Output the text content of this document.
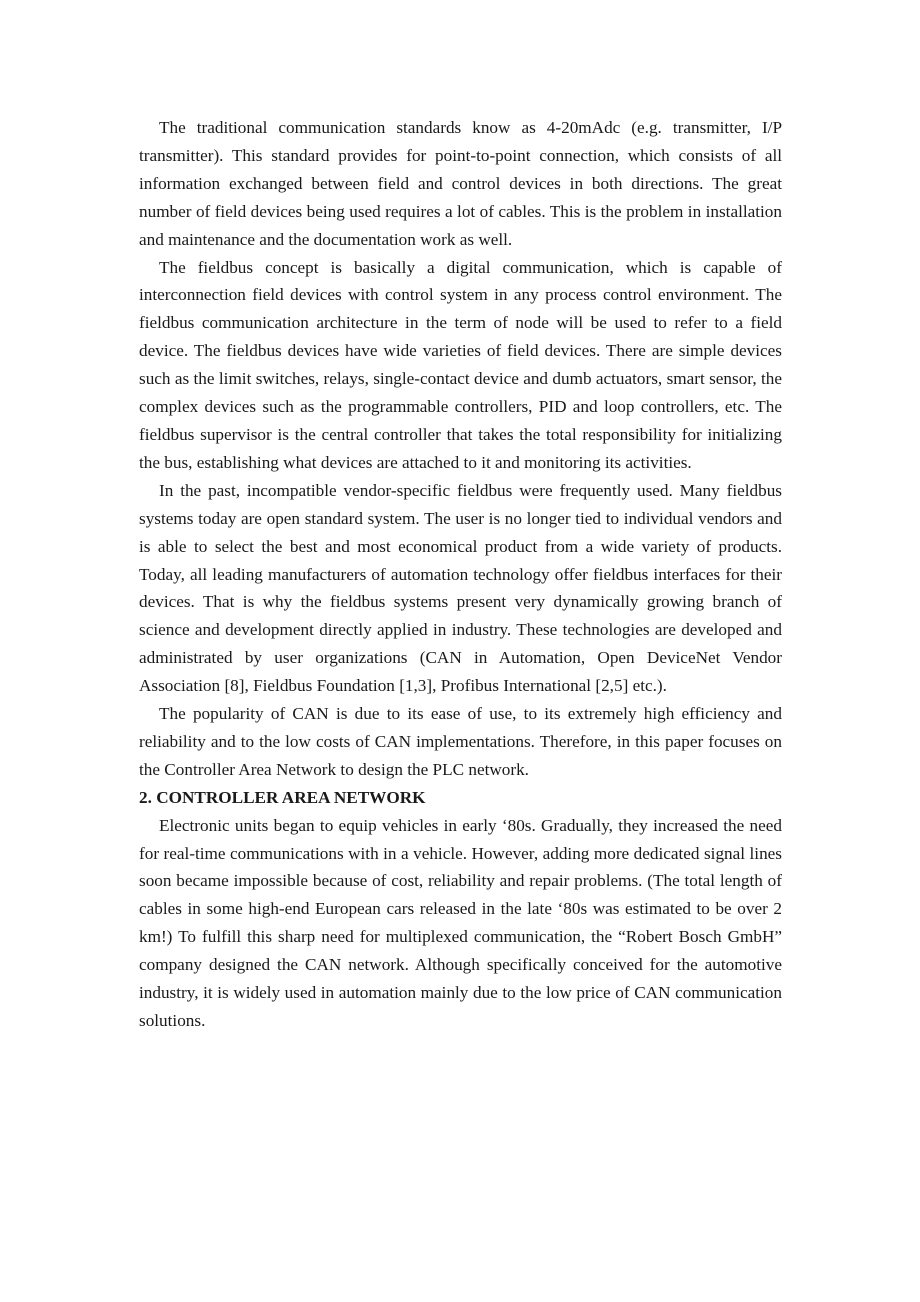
The traditional communication standards know as 4-20mAdc (e.g. transmitter, I/P transmitter). This standard provides for point-to-point connection, which consists of all information exchanged between field and control devices in both directions. The great number of field devices being used requires a lot of cables. This is the problem in installation and maintenance and the documentation work as well.

The fieldbus concept is basically a digital communication, which is capable of interconnection field devices with control system in any process control environment. The fieldbus communication architecture in the term of node will be used to refer to a field device. The fieldbus devices have wide varieties of field devices. There are simple devices such as the limit switches, relays, single-contact device and dumb actuators, smart sensor, the complex devices such as the programmable controllers, PID and loop controllers, etc. The fieldbus supervisor is the central controller that takes the total responsibility for initializing the bus, establishing what devices are attached to it and monitoring its activities.

In the past, incompatible vendor-specific fieldbus were frequently used. Many fieldbus systems today are open standard system. The user is no longer tied to individual vendors and is able to select the best and most economical product from a wide variety of products. Today, all leading manufacturers of automation technology offer fieldbus interfaces for their devices. That is why the fieldbus systems present very dynamically growing branch of science and development directly applied in industry. These technologies are developed and administrated by user organizations (CAN in Automation, Open DeviceNet Vendor Association [8], Fieldbus Foundation [1,3], Profibus International [2,5] etc.).

The popularity of CAN is due to its ease of use, to its extremely high efficiency and reliability and to the low costs of CAN implementations. Therefore, in this paper focuses on the Controller Area Network to design the PLC network.

2. CONTROLLER AREA NETWORK

Electronic units began to equip vehicles in early ‘80s. Gradually, they increased the need for real-time communications with in a vehicle. However, adding more dedicated signal lines soon became impossible because of cost, reliability and repair problems. (The total length of cables in some high-end European cars released in the late ‘80s was estimated to be over 2 km!) To fulfill this sharp need for multiplexed communication, the “Robert Bosch GmbH” company designed the CAN network. Although specifically conceived for the automotive industry, it is widely used in automation mainly due to the low price of CAN communication solutions.
